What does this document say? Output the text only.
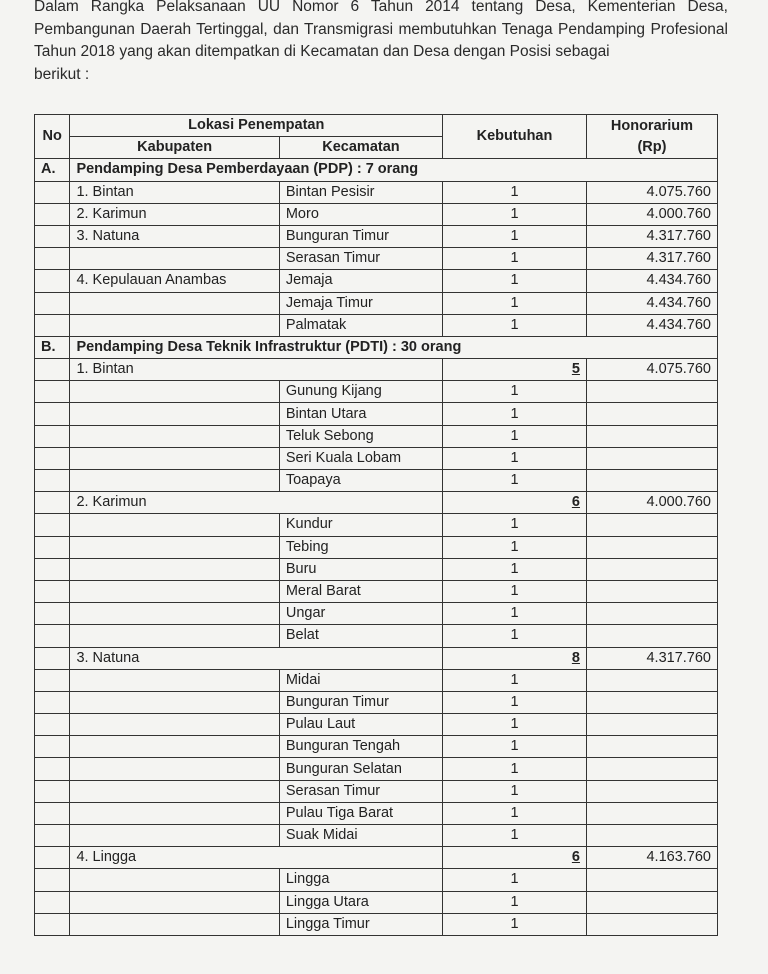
Dalam Rangka Pelaksanaan UU Nomor 6 Tahun 2014 tentang Desa, Kementerian Desa, Pembangunan Daerah Tertinggal, dan Transmigrasi membutuhkan Tenaga Pendamping Profesional Tahun 2018 yang akan ditempatkan di Kecamatan dan Desa dengan Posisi sebagai
berikut :
No	Lokasi Penempatan		Kebutuhan	Honorarium
(Rp)

	Kabupaten	Kecamatan		
A.	Pendamping Desa Pemberdayaan (PDP) : 7 orang			
	1. Bintan	Bintan Pesisir	1	4.075.760
	2. Karimun	Moro	1	4.000.760
	3. Natuna	Bunguran Timur	1	4.317.760
		Serasan Timur	1	4.317.760
	4. Kepulauan Anambas	Jemaja	1	4.434.760
		Jemaja Timur	1	4.434.760
		Palmatak	1	4.434.760
B.	Pendamping Desa Teknik Infrastruktur (PDTI) : 30 orang			
	1. Bintan		5	4.075.760
		Gunung Kijang	1	
		Bintan Utara	1	
		Teluk Sebong	1	
		Seri Kuala Lobam	1	
		Toapaya	1	
	2. Karimun		6	4.000.760
		Kundur	1	
		Tebing	1	
		Buru	1	
		Meral Barat	1	
		Ungar	1	
		Belat	1	
	3. Natuna		8	4.317.760
		Midai	1	
		Bunguran Timur	1	
		Pulau Laut	1	
		Bunguran Tengah	1	
		Bunguran Selatan	1	
		Serasan Timur	1	
		Pulau Tiga Barat	1	
		Suak Midai	1	
	4. Lingga		6	4.163.760
		Lingga	1	
		Lingga Utara	1	
		Lingga Timur	1	
